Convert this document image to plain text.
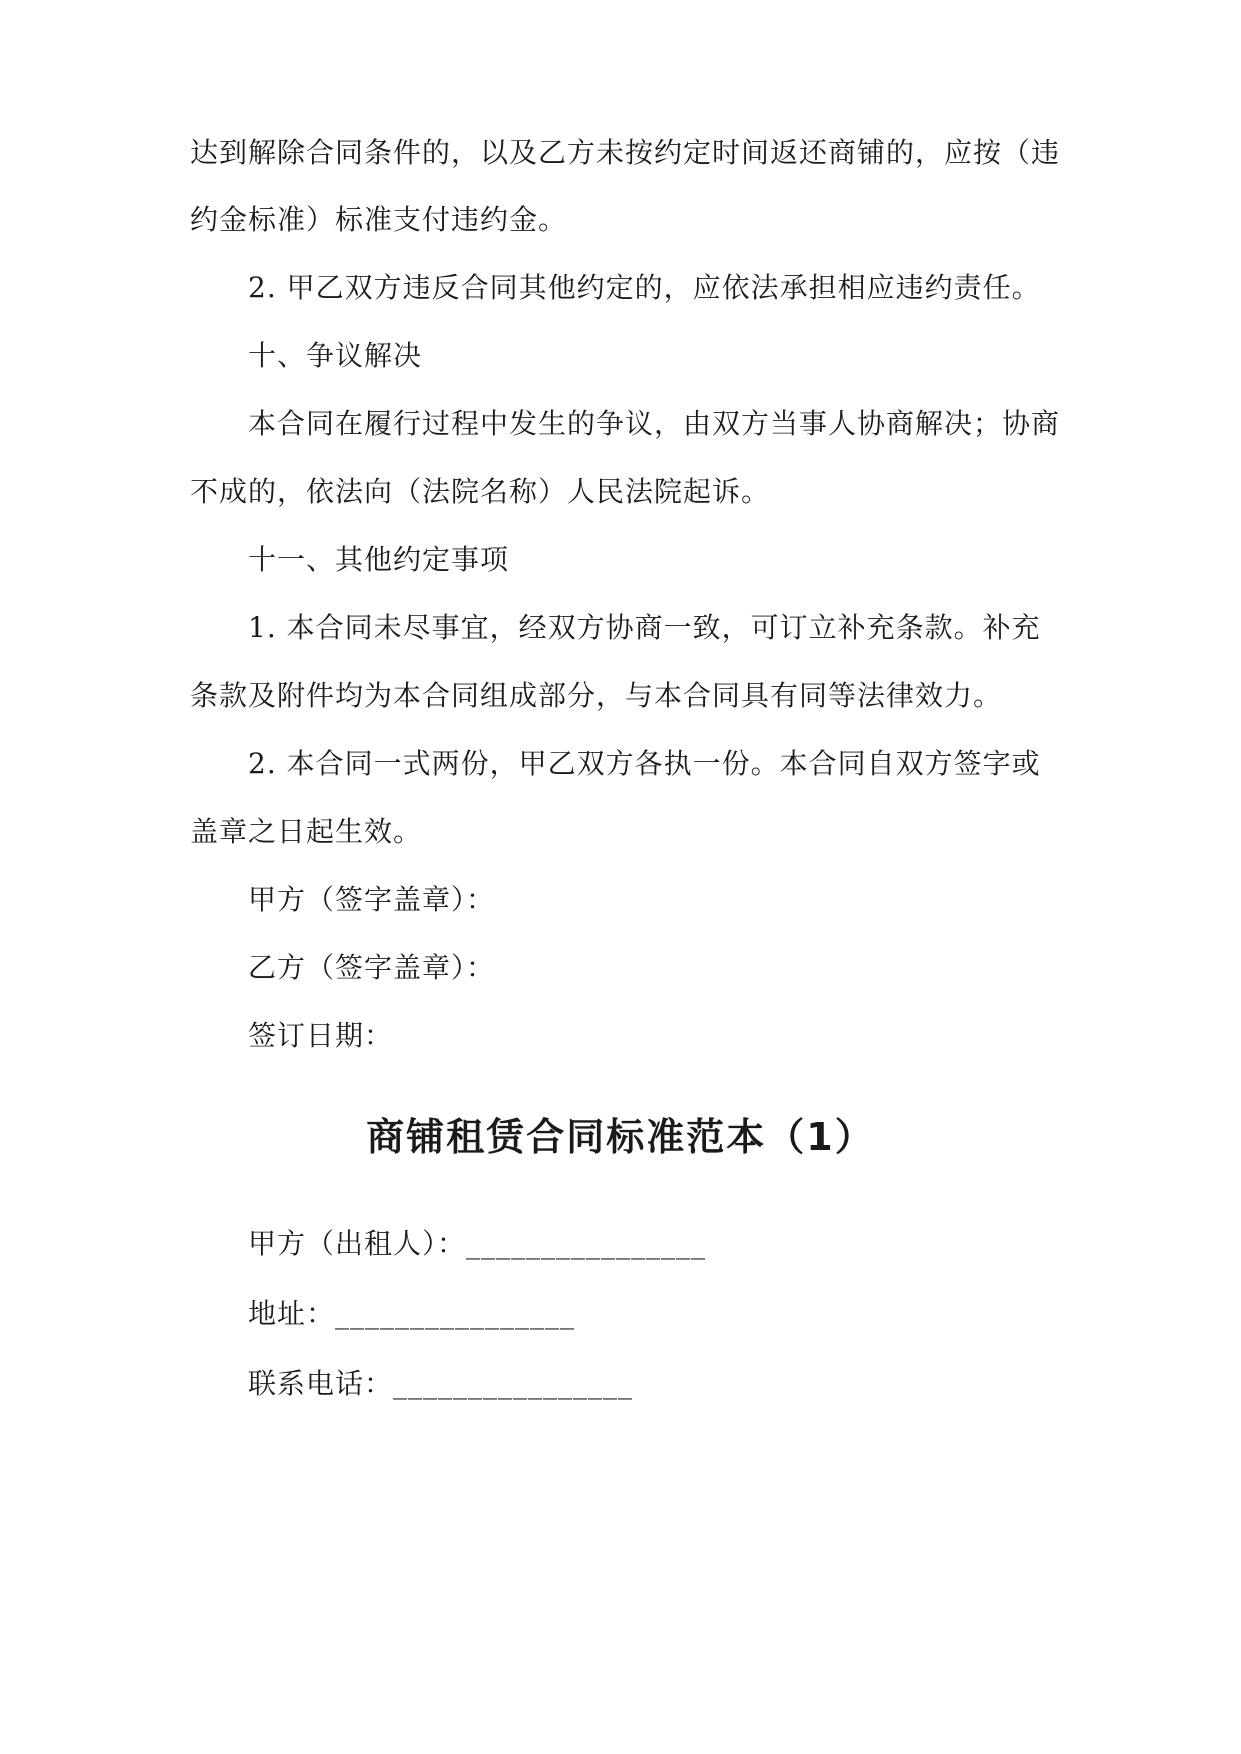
达到解除合同条件的，以及乙方未按约定时间返还商铺的，应按（违
约金标准）标准支付违约金。
2. 甲乙双方违反合同其他约定的，应依法承担相应违约责任。
十、争议解决
本合同在履行过程中发生的争议，由双方当事人协商解决；协商
不成的，依法向（法院名称）人民法院起诉。
十一、其他约定事项
1. 本合同未尽事宜，经双方协商一致，可订立补充条款。补充
条款及附件均为本合同组成部分，与本合同具有同等法律效力。
2. 本合同一式两份，甲乙双方各执一份。本合同自双方签字或
盖章之日起生效。
甲方（签字盖章）：
乙方（签字盖章）：
签订日期：
商铺租赁合同标准范本（1）
甲方（出租人）：________________
地址：________________
联系电话：________________
